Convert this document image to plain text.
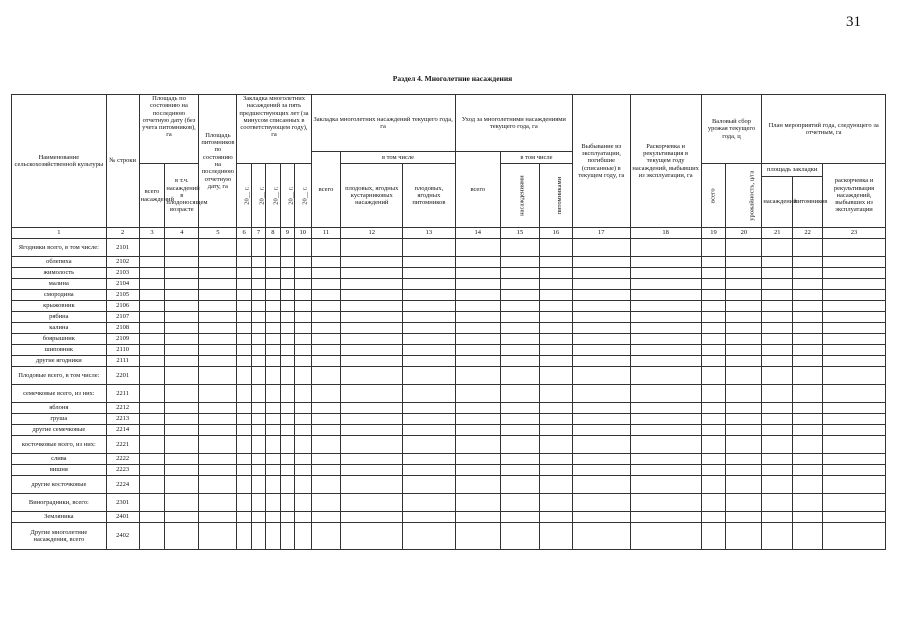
31
Раздел 4. Многолетние насаждения
Наименование сельскохозяйственной культуры	№ строки	Площадь по состоянию на последнюю отчетную дату (без учета питомников), га		Площадь питомников по состоянию на последнюю отчетную дату, га	Закладка многолетних насаждений за пять предшествующих лет (за минусом списанных в соответствующем году), га					Закладка многолетних насаждений текущего года, га			Уход за многолетними насаждениями текущего года, га			Выбывание из эксплуатации, погибшие (списанные) в текущем году, га	Раскорчевка и рекультивация в текущем году насаждений, выбывших из эксплуатации, га	Валовый сбор урожая текущего года, ц		План мероприятий года, следующего за отчетным, га		
										всего	в том числе		всего	в том числе								
		всего насаждений	в т.ч. насаждений в плодоносящем возрасте		20__ г.	20__ г.	20__ г.	20__ г.	20__ г.		плодовых, ягодных кустарниковых насаждений	плодовых, ягодных питомников		насаждениями	питомниками			всего	урожайность, ц/га	площадь закладки		раскорчевка и рекультивация насаждений, выбывших из эксплуатации
																				насаждений	питомников	
1	2	3	4	5	6	7	8	9	10	11	12	13	14	15	16	17	18	19	20	21	22	23
Ягодники всего, в том числе:	2101																					
облепиха	2102																					
жимолость	2103																					
малина	2104																					
смородина	2105																					
крыжовник	2106																					
рябина	2107																					
калина	2108																					
боярышник	2109																					
шиповник	2110																					
другие ягодники	2111																					
Плодовые всего, в том числе:	2201																					
семечковые всего, из них:	2211																					
яблоня	2212																					
груша	2213																					
другие семечковые	2214																					
косточковые всего, из них:	2221																					
слива	2222																					
вишня	2223																					
другие косточковые	2224																					
Виноградники, всего:	2301																					
Земляника	2401																					
Другие многолетние насаждения, всего	2402																					
